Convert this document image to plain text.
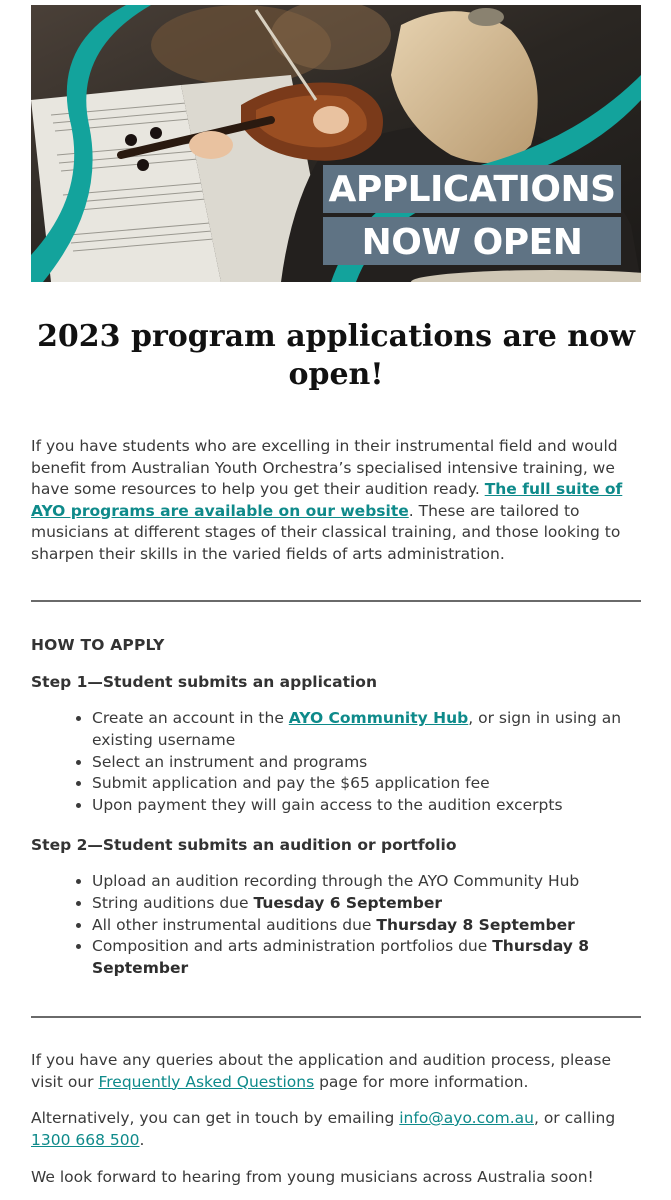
APPLICATIONS
NOW OPEN
2023 program applications are now open!

If you have students who are excelling in their instrumental field and would benefit from Australian Youth Orchestra’s specialised intensive training, we have some resources to help you get their audition ready. The full suite of AYO programs are available on our website. These are tailored to musicians at different stages of their classical training, and those looking to sharpen their skills in the varied fields of arts administration.

HOW TO APPLY
Step 1—Student submits an application
• Create an account in the AYO Community Hub, or sign in using an existing username
• Select an instrument and programs
• Submit application and pay the $65 application fee
• Upon payment they will gain access to the audition excerpts
Step 2—Student submits an audition or portfolio
• Upload an audition recording through the AYO Community Hub
• String auditions due Tuesday 6 September
• All other instrumental auditions due Thursday 8 September
• Composition and arts administration portfolios due Thursday 8 September

If you have any queries about the application and audition process, please visit our Frequently Asked Questions page for more information.

Alternatively, you can get in touch by emailing info@ayo.com.au, or calling 1300 668 500.

We look forward to hearing from young musicians across Australia soon!
